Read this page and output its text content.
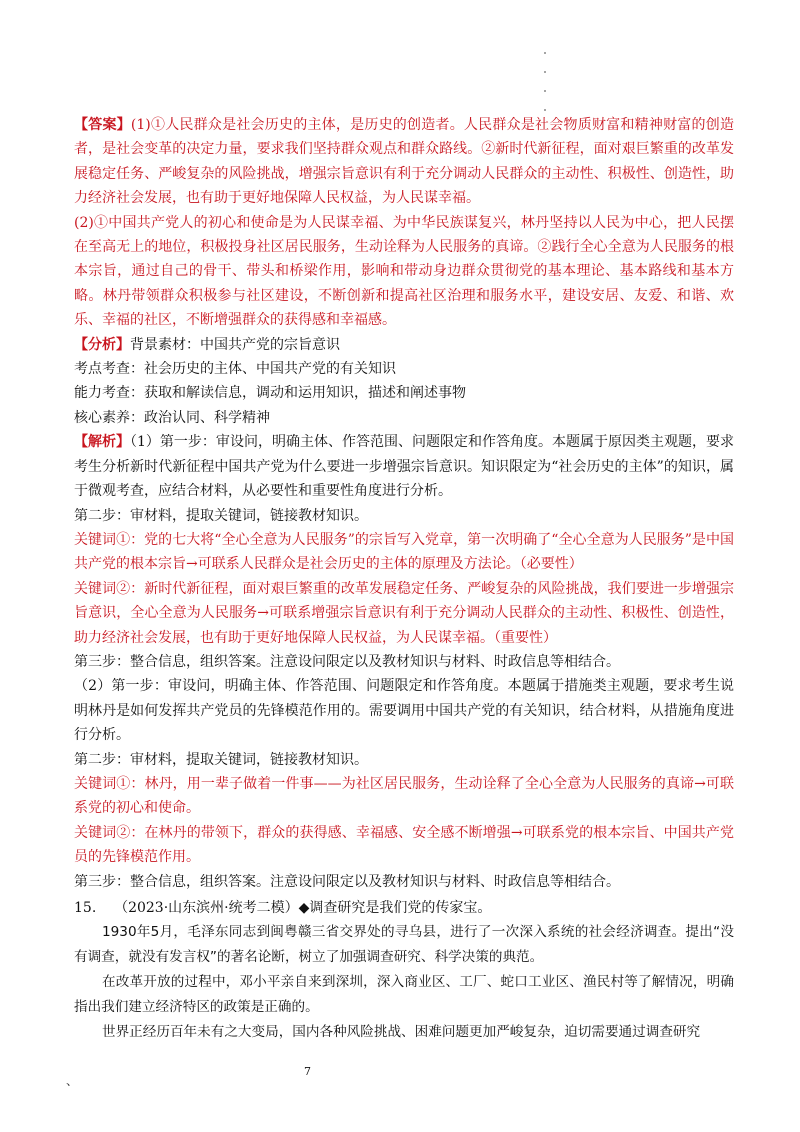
【答案】(1)①人民群众是社会历史的主体，是历史的创造者。人民群众是社会物质财富和精神财富的创造者，是社会变革的决定力量，要求我们坚持群众观点和群众路线。②新时代新征程，面对艰巨繁重的改革发展稳定任务、严峻复杂的风险挑战，增强宗旨意识有利于充分调动人民群众的主动性、积极性、创造性，助力经济社会发展，也有助于更好地保障人民权益，为人民谋幸福。

(2)①中国共产党人的初心和使命是为人民谋幸福、为中华民族谋复兴，林丹坚持以人民为中心，把人民摆在至高无上的地位，积极投身社区居民服务，生动诠释为人民服务的真谛。②践行全心全意为人民服务的根本宗旨，通过自己的骨干、带头和桥梁作用，影响和带动身边群众贯彻党的基本理论、基本路线和基本方略。林丹带领群众积极参与社区建设，不断创新和提高社区治理和服务水平，建设安居、友爱、和谐、欢乐、幸福的社区，不断增强群众的获得感和幸福感。

【分析】背景素材：中国共产党的宗旨意识

考点考查：社会历史的主体、中国共产党的有关知识

能力考查：获取和解读信息，调动和运用知识，描述和阐述事物

核心素养：政治认同、科学精神

【解析】（1）第一步：审设问，明确主体、作答范围、问题限定和作答角度。本题属于原因类主观题，要求考生分析新时代新征程中国共产党为什么要进一步增强宗旨意识。知识限定为“社会历史的主体”的知识，属于微观考查，应结合材料，从必要性和重要性角度进行分析。

第二步：审材料，提取关键词，链接教材知识。

关键词①：党的七大将“全心全意为人民服务”的宗旨写入党章，第一次明确了“全心全意为人民服务”是中国共产党的根本宗旨→可联系人民群众是社会历史的主体的原理及方法论。（必要性）

关键词②：新时代新征程，面对艰巨繁重的改革发展稳定任务、严峻复杂的风险挑战，我们要进一步增强宗旨意识，全心全意为人民服务→可联系增强宗旨意识有利于充分调动人民群众的主动性、积极性、创造性，助力经济社会发展，也有助于更好地保障人民权益，为人民谋幸福。（重要性）

第三步：整合信息，组织答案。注意设问限定以及教材知识与材料、时政信息等相结合。

（2）第一步：审设问，明确主体、作答范围、问题限定和作答角度。本题属于措施类主观题，要求考生说明林丹是如何发挥共产党员的先锋模范作用的。需要调用中国共产党的有关知识，结合材料，从措施角度进行分析。

第二步：审材料，提取关键词，链接教材知识。

关键词①：林丹，用一辈子做着一件事——为社区居民服务，生动诠释了全心全意为人民服务的真谛→可联系党的初心和使命。

关键词②：在林丹的带领下，群众的获得感、幸福感、安全感不断增强→可联系党的根本宗旨、中国共产党员的先锋模范作用。

第三步：整合信息，组织答案。注意设问限定以及教材知识与材料、时政信息等相结合。

15. （2023·山东滨州·统考二模）◆调查研究是我们党的传家宝。

1930年5月，毛泽东同志到闽粤赣三省交界处的寻乌县，进行了一次深入系统的社会经济调查。提出“没有调查，就没有发言权”的著名论断，树立了加强调查研究、科学决策的典范。

在改革开放的过程中，邓小平亲自来到深圳，深入商业区、工厂、蛇口工业区、渔民村等了解情况，明确指出我们建立经济特区的政策是正确的。

世界正经历百年未有之大变局，国内各种风险挑战、困难问题更加严峻复杂，迫切需要通过调查研究

、
7
